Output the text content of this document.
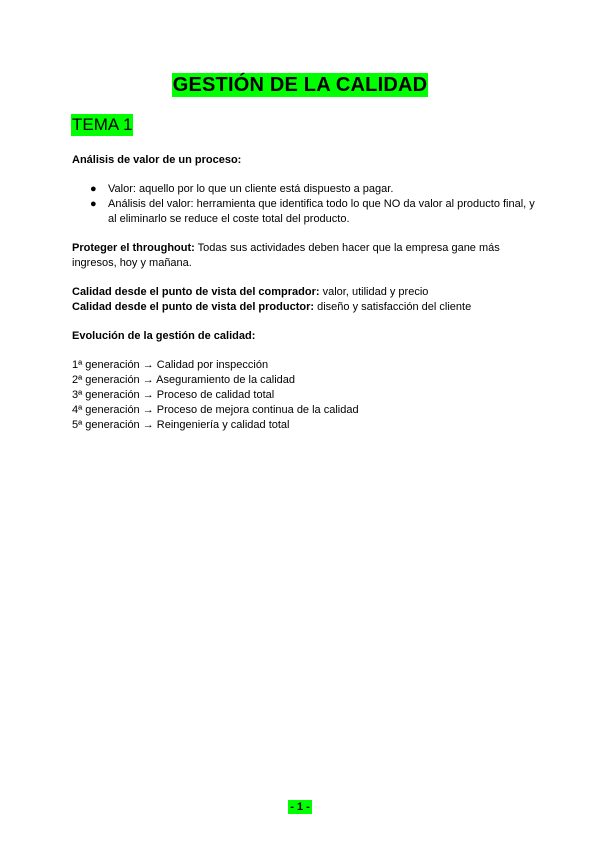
GESTIÓN DE LA CALIDAD
TEMA 1
Análisis de valor de un proceso:
● Valor: aquello por lo que un cliente está dispuesto a pagar.
● Análisis del valor: herramienta que identifica todo lo que NO da valor al producto final, y al eliminarlo se reduce el coste total del producto.
Proteger el throughout: Todas sus actividades deben hacer que la empresa gane más
ingresos, hoy y mañana.
Calidad desde el punto de vista del comprador: valor, utilidad y precio
Calidad desde el punto de vista del productor: diseño y satisfacción del cliente
Evolución de la gestión de calidad:
1ª generación → Calidad por inspección
2ª generación → Aseguramiento de la calidad
3ª generación → Proceso de calidad total
4ª generación → Proceso de mejora continua de la calidad
5ª generación → Reingeniería y calidad total
- 1 -
